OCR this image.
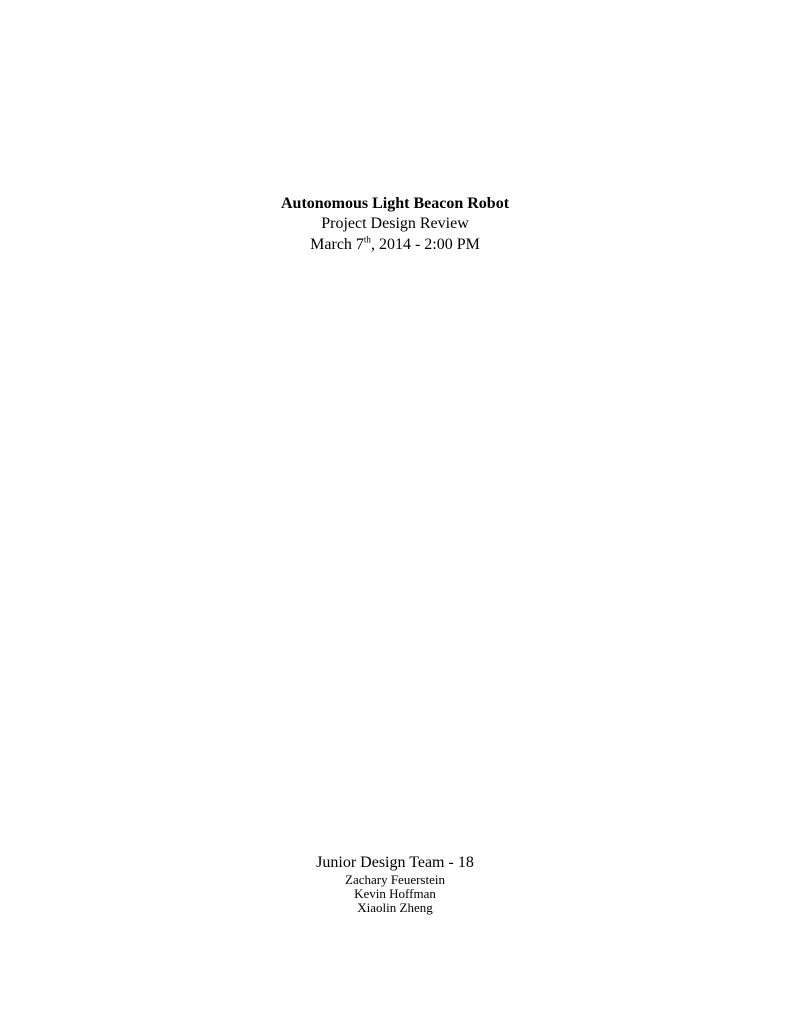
Autonomous Light Beacon Robot

Project Design Review

March 7th, 2014 - 2:00 PM

Junior Design Team - 18

Zachary Feuerstein

Kevin Hoffman

Xiaolin Zheng
